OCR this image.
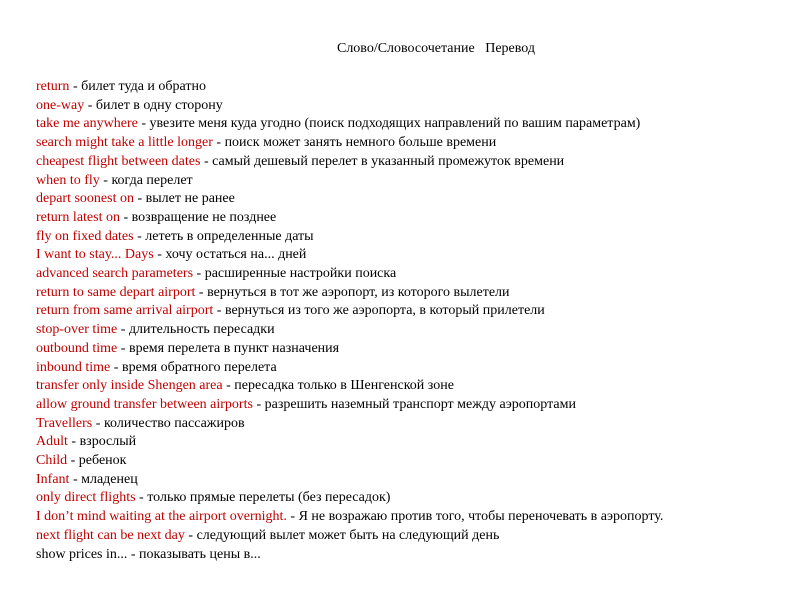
Слово/Словосочетание Перевод
return - билет туда и обратно
one-way - билет в одну сторону
take me anywhere - увезите меня куда угодно (поиск подходящих направлений по вашим параметрам)
search might take a little longer - поиск может занять немного больше времени
cheapest flight between dates - самый дешевый перелет в указанный промежуток времени
when to fly - когда перелет
depart soonest on - вылет не ранее
return latest on - возвращение не позднее
fly on fixed dates - лететь в определенные даты
I want to stay... Days - хочу остаться на... дней
advanced search parameters - расширенные настройки поиска
return to same depart airport - вернуться в тот же аэропорт, из которого вылетели
return from same arrival airport - вернуться из того же аэропорта, в который прилетели
stop-over time - длительность пересадки
outbound time - время перелета в пункт назначения
inbound time - время обратного перелета
transfer only inside Shengen area - пересадка только в Шенгенской зоне
allow ground transfer between airports - разрешить наземный транспорт между аэропортами
Travellers - количество пассажиров
Adult - взрослый
Child - ребенок
Infant - младенец
only direct flights - только прямые перелеты (без пересадок)
I don’t mind waiting at the airport overnight. - Я не возражаю против того, чтобы переночевать в аэропорту.
next flight can be next day - следующий вылет может быть на следующий день
show prices in... - показывать цены в...
